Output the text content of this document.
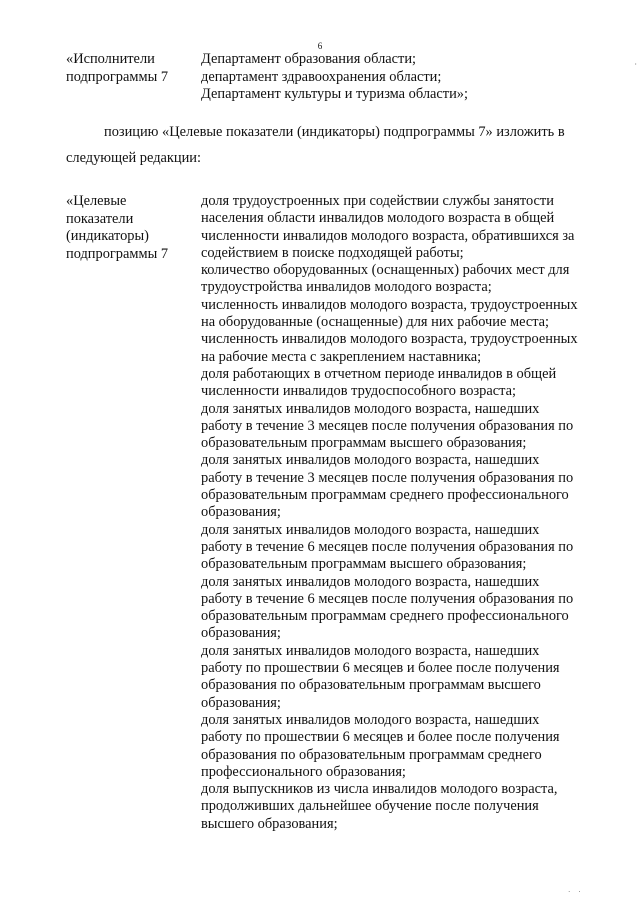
6
·
«Исполнители
подпрограммы 7
Департамент образования области;
департамент здравоохранения области;
Департамент культуры и туризма области»;
позицию «Целевые показатели (индикаторы) подпрограммы 7» изложить в
следующей редакции:
«Целевые
показатели
(индикаторы)
подпрограммы 7
доля трудоустроенных при содействии службы занятости
населения области инвалидов молодого возраста в общей
численности инвалидов молодого возраста, обратившихся за
содействием в поиске подходящей работы;
количество оборудованных (оснащенных) рабочих мест для
трудоустройства инвалидов молодого возраста;
численность инвалидов молодого возраста, трудоустроенных
на оборудованные (оснащенные) для них рабочие места;
численность инвалидов молодого возраста, трудоустроенных
на рабочие места с закреплением наставника;
доля работающих в отчетном периоде инвалидов в общей
численности инвалидов трудоспособного возраста;
доля занятых инвалидов молодого возраста, нашедших
работу в течение 3 месяцев после получения образования по
образовательным программам высшего образования;
доля занятых инвалидов молодого возраста, нашедших
работу в течение 3 месяцев после получения образования по
образовательным программам среднего профессионального
образования;
доля занятых инвалидов молодого возраста, нашедших
работу в течение 6 месяцев после получения образования по
образовательным программам высшего образования;
доля занятых инвалидов молодого возраста, нашедших
работу в течение 6 месяцев после получения образования по
образовательным программам среднего профессионального
образования;
доля занятых инвалидов молодого возраста, нашедших
работу по прошествии 6 месяцев и более после получения
образования по образовательным программам высшего
образования;
доля занятых инвалидов молодого возраста, нашедших
работу по прошествии 6 месяцев и более после получения
образования по образовательным программам среднего
профессионального образования;
доля выпускников из числа инвалидов молодого возраста,
продолживших дальнейшее обучение после получения
высшего образования;
··
